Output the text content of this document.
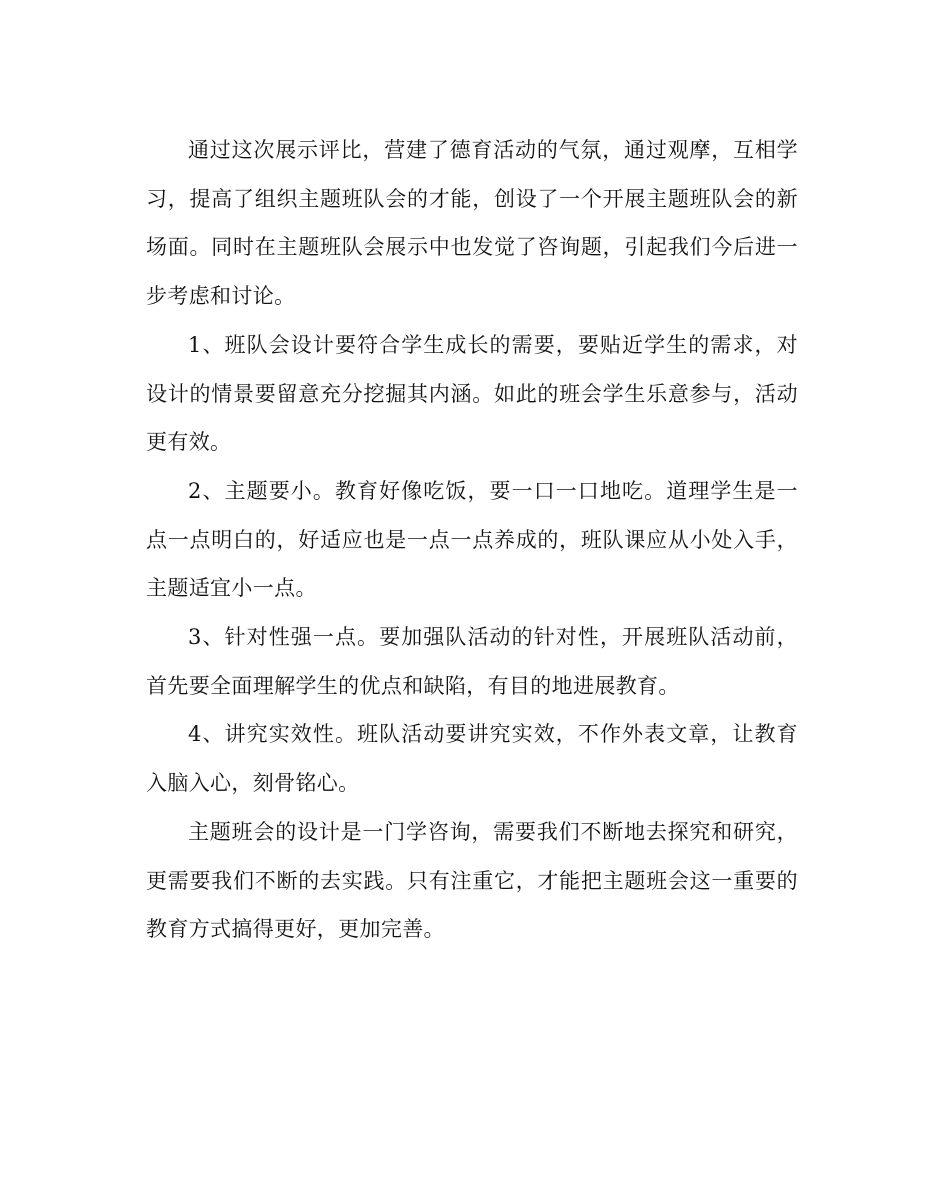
通过这次展示评比，营建了德育活动的气氛，通过观摩，互相学习，提高了组织主题班队会的才能，创设了一个开展主题班队会的新场面。同时在主题班队会展示中也发觉了咨询题，引起我们今后进一步考虑和讨论。

1、班队会设计要符合学生成长的需要，要贴近学生的需求，对设计的情景要留意充分挖掘其内涵。如此的班会学生乐意参与，活动更有效。

2、主题要小。教育好像吃饭，要一口一口地吃。道理学生是一点一点明白的，好适应也是一点一点养成的，班队课应从小处入手，主题适宜小一点。

3、针对性强一点。要加强队活动的针对性，开展班队活动前，首先要全面理解学生的优点和缺陷，有目的地进展教育。

4、讲究实效性。班队活动要讲究实效，不作外表文章，让教育入脑入心，刻骨铭心。

主题班会的设计是一门学咨询，需要我们不断地去探究和研究，更需要我们不断的去实践。只有注重它，才能把主题班会这一重要的教育方式搞得更好，更加完善。
